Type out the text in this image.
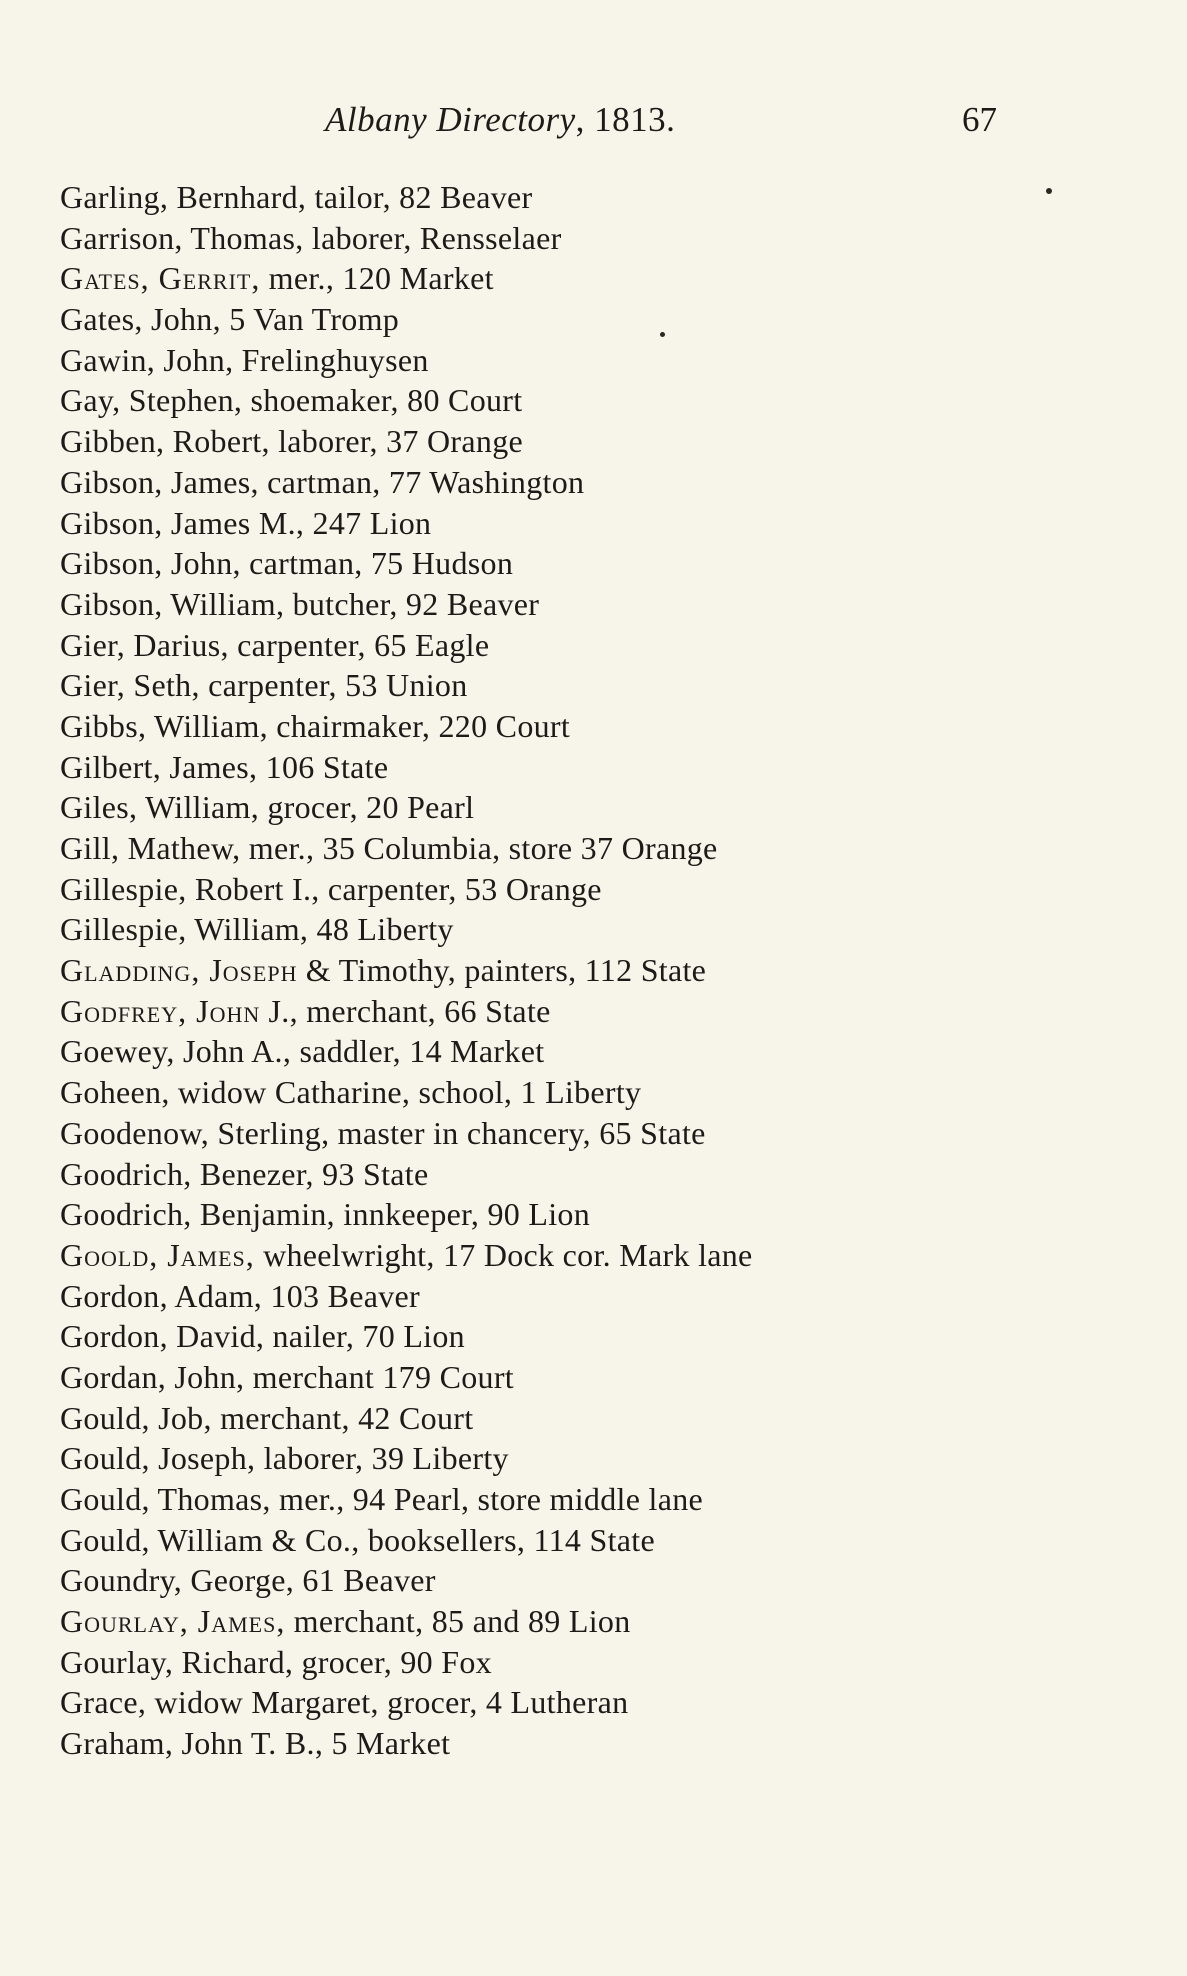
Albany Directory, 1813.	67
Garling, Bernhard, tailor, 82 Beaver
Garrison, Thomas, laborer, Rensselaer
Gates, Gerrit, mer., 120 Market
Gates, John, 5 Van Tromp
Gawin, John, Frelinghuysen
Gay, Stephen, shoemaker, 80 Court
Gibben, Robert, laborer, 37 Orange
Gibson, James, cartman, 77 Washington
Gibson, James M., 247 Lion
Gibson, John, cartman, 75 Hudson
Gibson, William, butcher, 92 Beaver
Gier, Darius, carpenter, 65 Eagle
Gier, Seth, carpenter, 53 Union
Gibbs, William, chairmaker, 220 Court
Gilbert, James, 106 State
Giles, William, grocer, 20 Pearl
Gill, Mathew, mer., 35 Columbia, store 37 Orange
Gillespie, Robert I., carpenter, 53 Orange
Gillespie, William, 48 Liberty
Gladding, Joseph & Timothy, painters, 112 State
Godfrey, John J., merchant, 66 State
Goewey, John A., saddler, 14 Market
Goheen, widow Catharine, school, 1 Liberty
Goodenow, Sterling, master in chancery, 65 State
Goodrich, Benezer, 93 State
Goodrich, Benjamin, innkeeper, 90 Lion
Goold, James, wheelwright, 17 Dock cor. Mark lane
Gordon, Adam, 103 Beaver
Gordon, David, nailer, 70 Lion
Gordan, John, merchant 179 Court
Gould, Job, merchant, 42 Court
Gould, Joseph, laborer, 39 Liberty
Gould, Thomas, mer., 94 Pearl, store middle lane
Gould, William & Co., booksellers, 114 State
Goundry, George, 61 Beaver
Gourlay, James, merchant, 85 and 89 Lion
Gourlay, Richard, grocer, 90 Fox
Grace, widow Margaret, grocer, 4 Lutheran
Graham, John T. B., 5 Market
